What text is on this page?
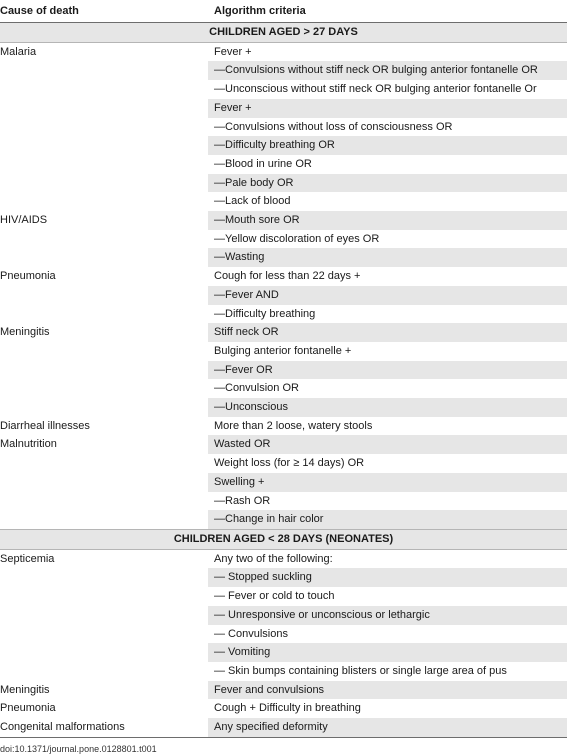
Cause of death	Algorithm criteria
CHILDREN AGED > 27 DAYS	
Malaria	Fever +
	—Convulsions without stiff neck OR bulging anterior fontanelle OR
	—Unconscious without stiff neck OR bulging anterior fontanelle Or
	Fever +
	—Convulsions without loss of consciousness OR
	—Difficulty breathing OR
	—Blood in urine OR
	—Pale body OR
	—Lack of blood
HIV/AIDS	—Mouth sore OR
	—Yellow discoloration of eyes OR
	—Wasting
Pneumonia	Cough for less than 22 days +
	—Fever AND
	—Difficulty breathing
Meningitis	Stiff neck OR
	Bulging anterior fontanelle +
	—Fever OR
	—Convulsion OR
	—Unconscious
Diarrheal illnesses	More than 2 loose, watery stools
Malnutrition	Wasted OR
	Weight loss (for ≥ 14 days) OR
	Swelling +
	—Rash OR
	—Change in hair color
CHILDREN AGED < 28 DAYS (NEONATES)	
Septicemia	Any two of the following:
	— Stopped suckling
	— Fever or cold to touch
	— Unresponsive or unconscious or lethargic
	— Convulsions
	— Vomiting
	— Skin bumps containing blisters or single large area of pus
Meningitis	Fever and convulsions
Pneumonia	Cough + Difficulty in breathing
Congenital malformations	Any specified deformity
doi:10.1371/journal.pone.0128801.t001
